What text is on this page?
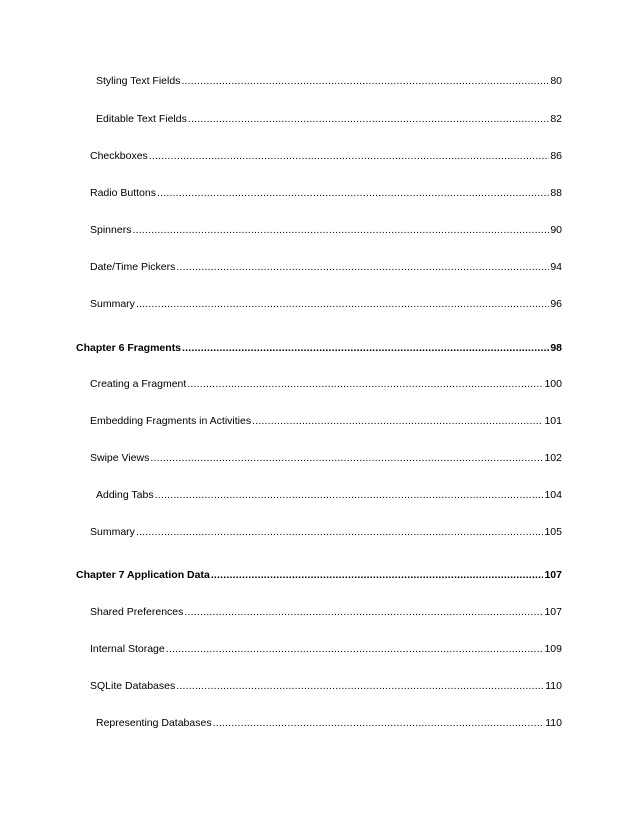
Styling Text Fields .....	80
Editable Text Fields .....	82
Checkboxes .....	86
Radio Buttons .....	88
Spinners .....	90
Date/Time Pickers .....	94
Summary .....	96
Chapter 6 Fragments .....	98
Creating a Fragment .....	100
Embedding Fragments in Activities .....	101
Swipe Views .....	102
Adding Tabs .....	104
Summary .....	105
Chapter 7 Application Data .....	107
Shared Preferences .....	107
Internal Storage .....	109
SQLite Databases .....	110
Representing Databases .....	110
